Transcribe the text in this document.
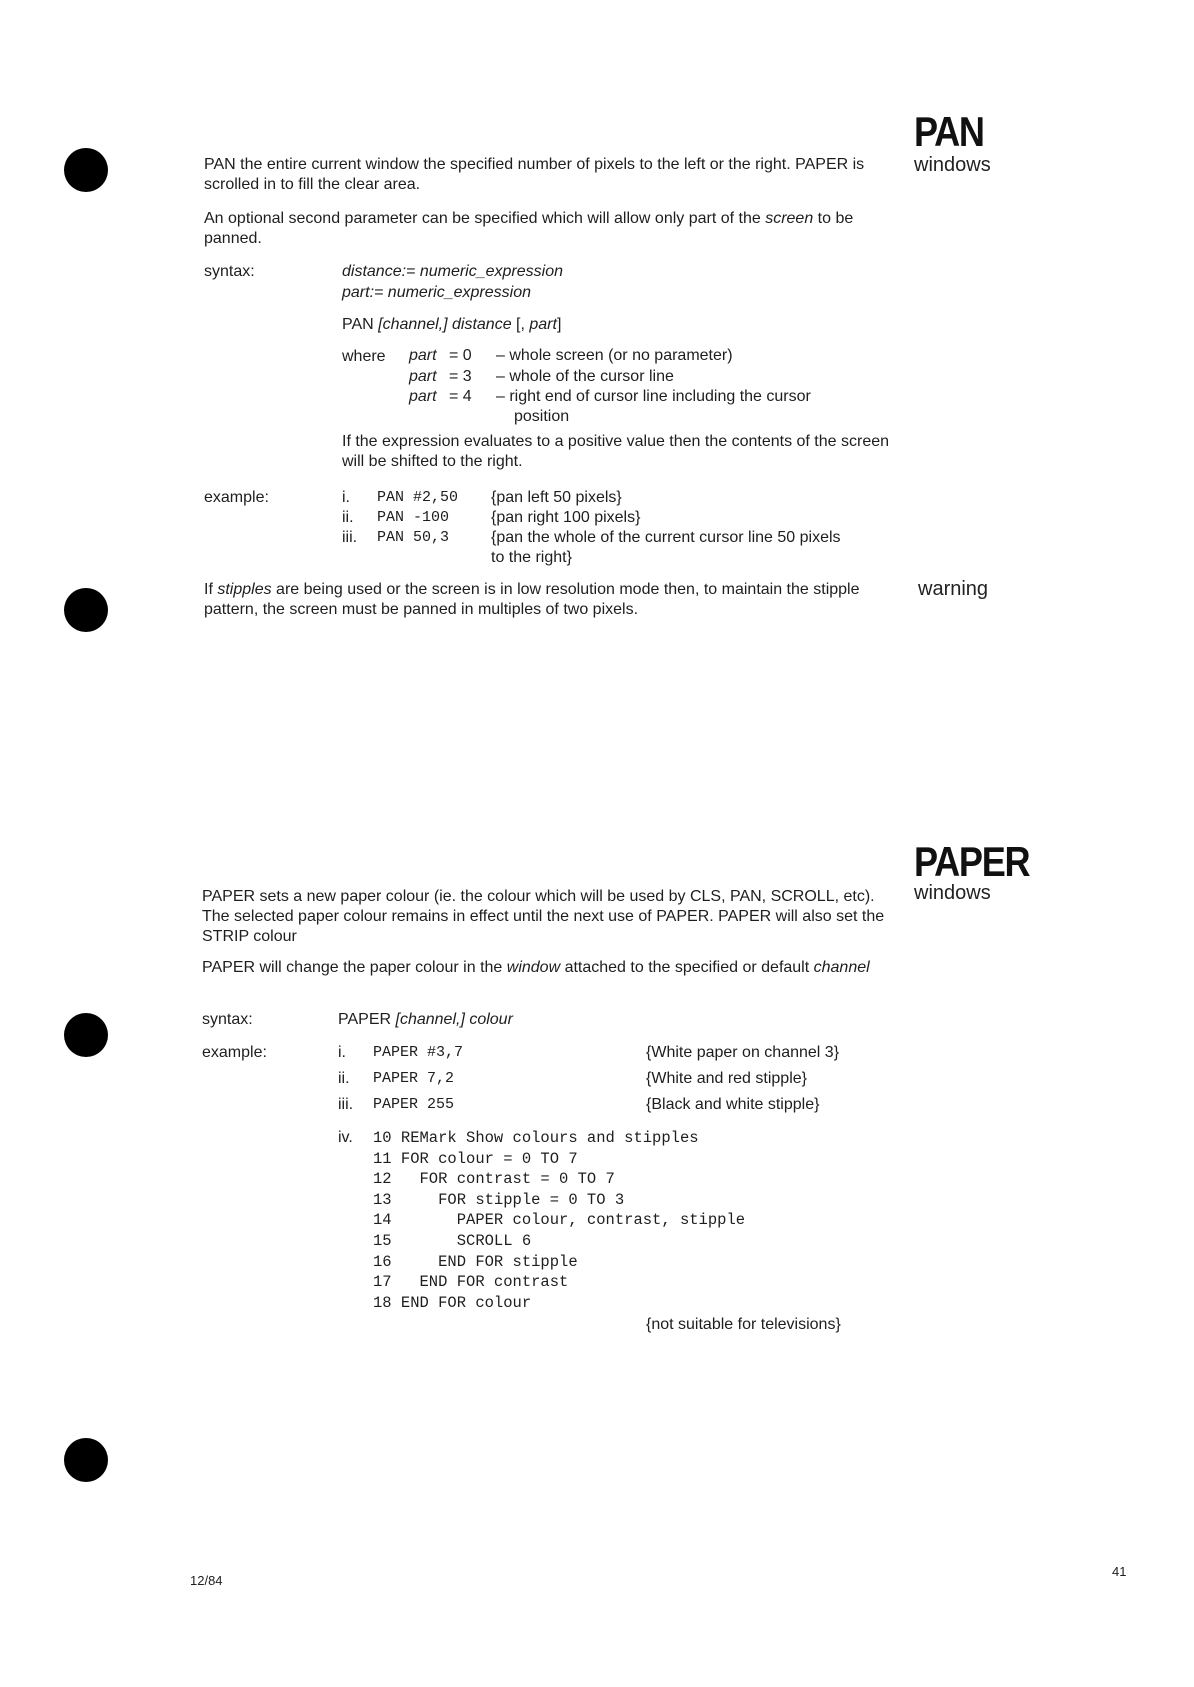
PAN
windows
PAN the entire current window the specified number of pixels to the left or the right. PAPER is scrolled in to fill the clear area.
An optional second parameter can be specified which will allow only part of the screen to be panned.
syntax:	distance:= numeric_expression
part:= numeric_expression
PAN [channel,] distance [, part]
where part = 0 – whole screen (or no parameter)
part = 3 – whole of the cursor line
part = 4 – right end of cursor line including the cursor
position
If the expression evaluates to a positive value then the contents of the screen will be shifted to the right.
example:	i. PAN #2,50 {pan left 50 pixels}
ii. PAN -100	{pan right 100 pixels}
iii. PAN 50,3	{pan the whole of the current cursor line 50 pixels
to the right}
warning
If stipples are being used or the screen is in low resolution mode then, to maintain the stipple pattern, the screen must be panned in multiples of two pixels.
PAPER
windows
PAPER sets a new paper colour (ie. the colour which will be used by CLS, PAN, SCROLL, etc). The selected paper colour remains in effect until the next use of PAPER. PAPER will also set the STRIP colour
PAPER will change the paper colour in the window attached to the specified or default channel
syntax:	PAPER [channel,] colour
example:	i. PAPER #3,7	{White paper on channel 3}
ii. PAPER 7,2	{White and red stipple}
iii. PAPER 255	{Black and white stipple}
iv. 10 REMark Show colours and stipples
11 FOR colour = 0 TO 7
12   FOR contrast = 0 TO 7
13     FOR stipple = 0 TO 3
14       PAPER colour, contrast, stipple
15       SCROLL 6
16     END FOR stipple
17   END FOR contrast
18 END FOR colour
{not suitable for televisions}
12/84
41
